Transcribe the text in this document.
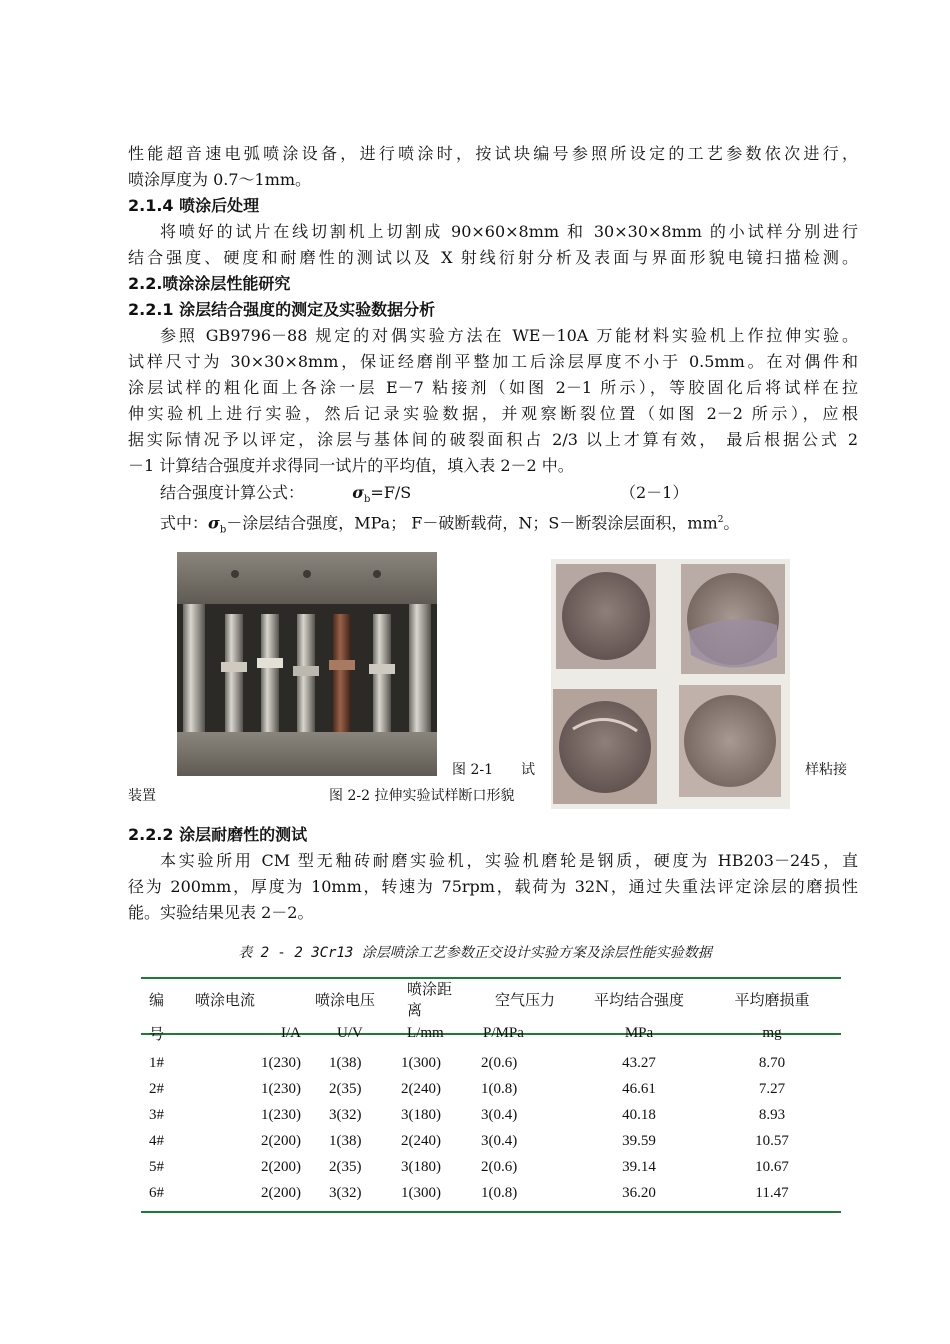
性能超音速电弧喷涂设备，进行喷涂时，按试块编号参照所设定的工艺参数依次进行，
喷涂厚度为 0.7～1mm。
2.1.4 喷涂后处理
将喷好的试片在线切割机上切割成 90×60×8mm 和 30×30×8mm 的小试样分别进行
结合强度、硬度和耐磨性的测试以及 X 射线衍射分析及表面与界面形貌电镜扫描检测。
2.2.喷涂涂层性能研究
2.2.1 涂层结合强度的测定及实验数据分析
参照 GB9796－88 规定的对偶实验方法在 WE－10A 万能材料实验机上作拉伸实验。
试样尺寸为 30×30×8mm，保证经磨削平整加工后涂层厚度不小于 0.5mm。在对偶件和
涂层试样的粗化面上各涂一层 E－7 粘接剂（如图 2－1 所示），等胶固化后将试样在拉
伸实验机上进行实验，然后记录实验数据，并观察断裂位置（如图 2－2 所示），应根
据实际情况予以评定，涂层与基体间的破裂面积占 2/3 以上才算有效， 最后根据公式 2
－1 计算结合强度并求得同一试片的平均值，填入表 2－2 中。
结合强度计算公式：	$\sigma_b=F/S$	（2－1）
式中：$\sigma_b-$涂层结合强度，MPa； F－破断载荷，N；S－断裂涂层面积，$mm^2$。
图 2-1 试	样粘接
装置	图 2-2 拉伸实验试样断口形貌
2.2.2 涂层耐磨性的测试
本实验所用 CM 型无釉砖耐磨实验机，实验机磨轮是钢质，硬度为 HB203－245，直
径为 200mm，厚度为 10mm，转速为 75rpm，载荷为 32N，通过失重法评定涂层的磨损性
能。实验结果见表 2－2。
表 2 - 2 3Cr13 涂层喷涂工艺参数正交设计实验方案及涂层性能实验数据
编	喷涂电流	喷涂电压	喷涂距离	空气压力	平均结合强度	平均磨损重
号	I/A	U/V	L/mm	P/MPa	MPa	mg

1#	1(230)	1(38)	1(300)	2(0.6)	43.27	8.70
2#	1(230)	2(35)	2(240)	1(0.8)	46.61	7.27
3#	1(230)	3(32)	3(180)	3(0.4)	40.18	8.93
4#	2(200)	1(38)	2(240)	3(0.4)	39.59	10.57
5#	2(200)	2(35)	3(180)	2(0.6)	39.14	10.67
6#	2(200)	3(32)	1(300)	1(0.8)	36.20	11.47
